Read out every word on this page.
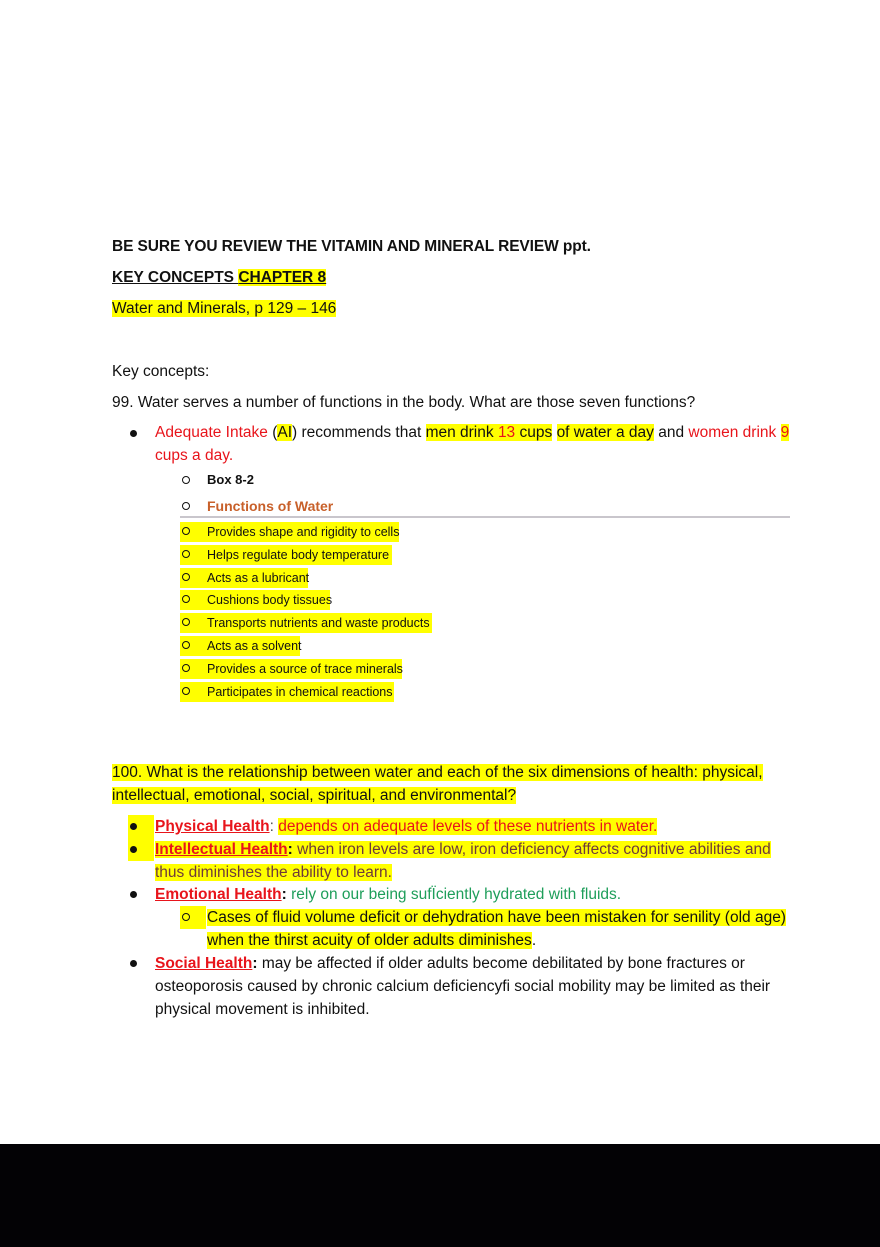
BE SURE YOU REVIEW THE VITAMIN AND MINERAL REVIEW ppt.
KEY CONCEPTS CHAPTER 8
Water and Minerals, p 129 – 146
Key concepts:
99. Water serves a number of functions in the body. What are those seven functions?
Adequate Intake (AI) recommends that men drink 13 cups of water a day and women drink 9 cups a day.
Box 8-2
Functions of Water
Provides shape and rigidity to cells
Helps regulate body temperature
Acts as a lubricant
Cushions body tissues
Transports nutrients and waste products
Acts as a solvent
Provides a source of trace minerals
Participates in chemical reactions
100. What is the relationship between water and each of the six dimensions of health: physical, intellectual, emotional, social, spiritual, and environmental?
Physical Health: depends on adequate levels of these nutrients in water.
Intellectual Health: when iron levels are low, iron deficiency affects cognitive abilities and thus diminishes the ability to learn.
Emotional Health: rely on our being sufÏciently hydrated with fluids.
Cases of fluid volume deficit or dehydration have been mistaken for senility (old age) when the thirst acuity of older adults diminishes.
Social Health: may be affected if older adults become debilitated by bone fractures or osteoporosis caused by chronic calcium deficiencyﬁ social mobility may be limited as their physical movement is inhibited.
